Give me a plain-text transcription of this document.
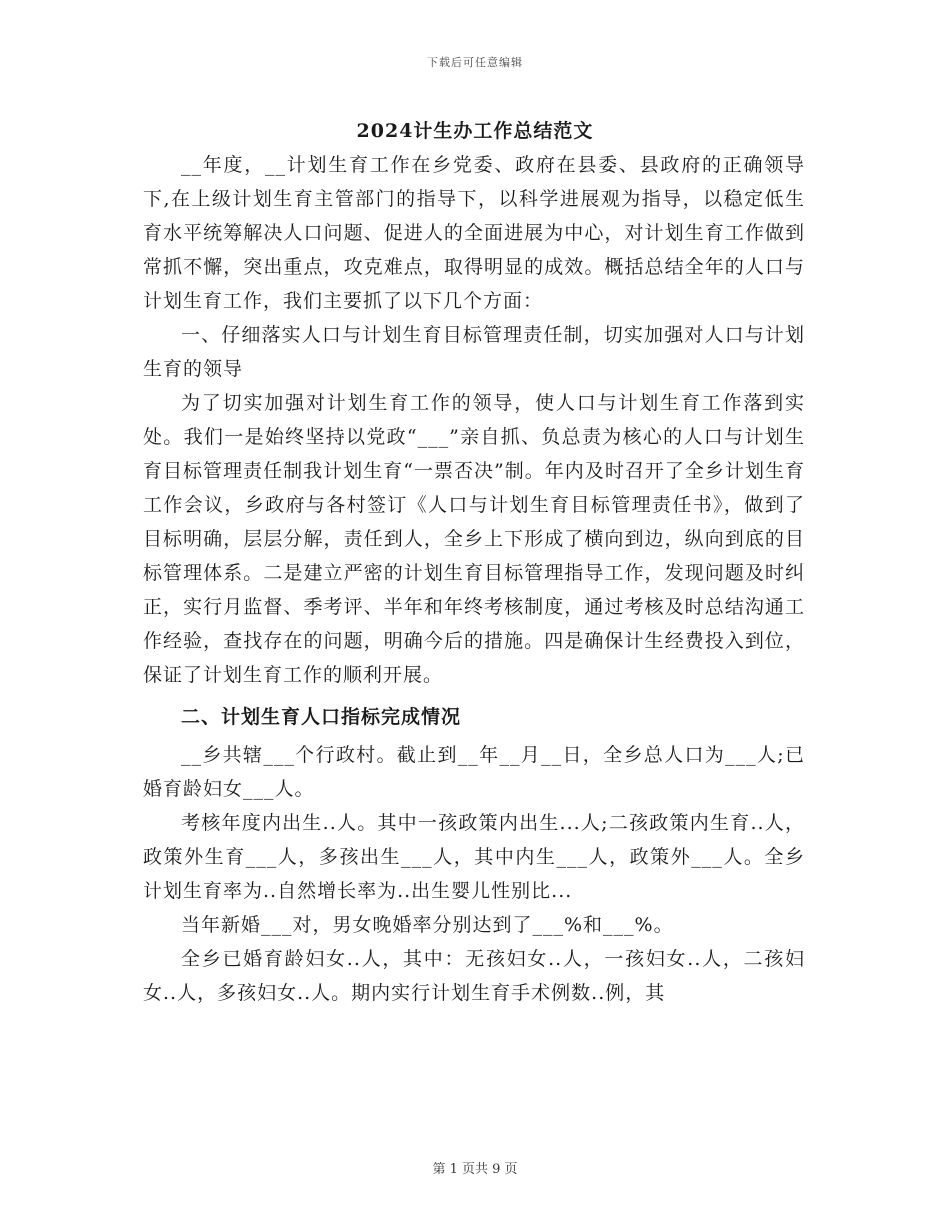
下载后可任意编辑
2024计生办工作总结范文

__年度，__计划生育工作在乡党委、政府在县委、县政府的正确领导下,在上级计划生育主管部门的指导下，以科学进展观为指导，以稳定低生育水平统筹解决人口问题、促进人的全面进展为中心，对计划生育工作做到常抓不懈，突出重点，攻克难点，取得明显的成效。概括总结全年的人口与计划生育工作，我们主要抓了以下几个方面：

一、仔细落实人口与计划生育目标管理责任制，切实加强对人口与计划生育的领导

为了切实加强对计划生育工作的领导，使人口与计划生育工作落到实处。我们一是始终坚持以党政“___”亲自抓、负总责为核心的人口与计划生育目标管理责任制我计划生育“一票否决”制。年内及时召开了全乡计划生育工作会议，乡政府与各村签订《人口与计划生育目标管理责任书》，做到了目标明确，层层分解，责任到人，全乡上下形成了横向到边，纵向到底的目标管理体系。二是建立严密的计划生育目标管理指导工作，发现问题及时纠正，实行月监督、季考评、半年和年终考核制度，通过考核及时总结沟通工作经验，查找存在的问题，明确今后的措施。四是确保计生经费投入到位，保证了计划生育工作的顺利开展。

二、计划生育人口指标完成情况

__乡共辖___个行政村。截止到__年__月__日，全乡总人口为___人;已婚育龄妇女___人。

考核年度内出生..人。其中一孩政策内出生...人;二孩政策内生育..人，政策外生育___人，多孩出生___人，其中内生___人，政策外___人。全乡计划生育率为..自然增长率为..出生婴儿性别比...

当年新婚___对，男女晚婚率分别达到了___%和___%。

全乡已婚育龄妇女..人，其中：无孩妇女..人，一孩妇女..人，二孩妇女..人，多孩妇女..人。期内实行计划生育手术例数..例，其

第 1 页共 9 页
